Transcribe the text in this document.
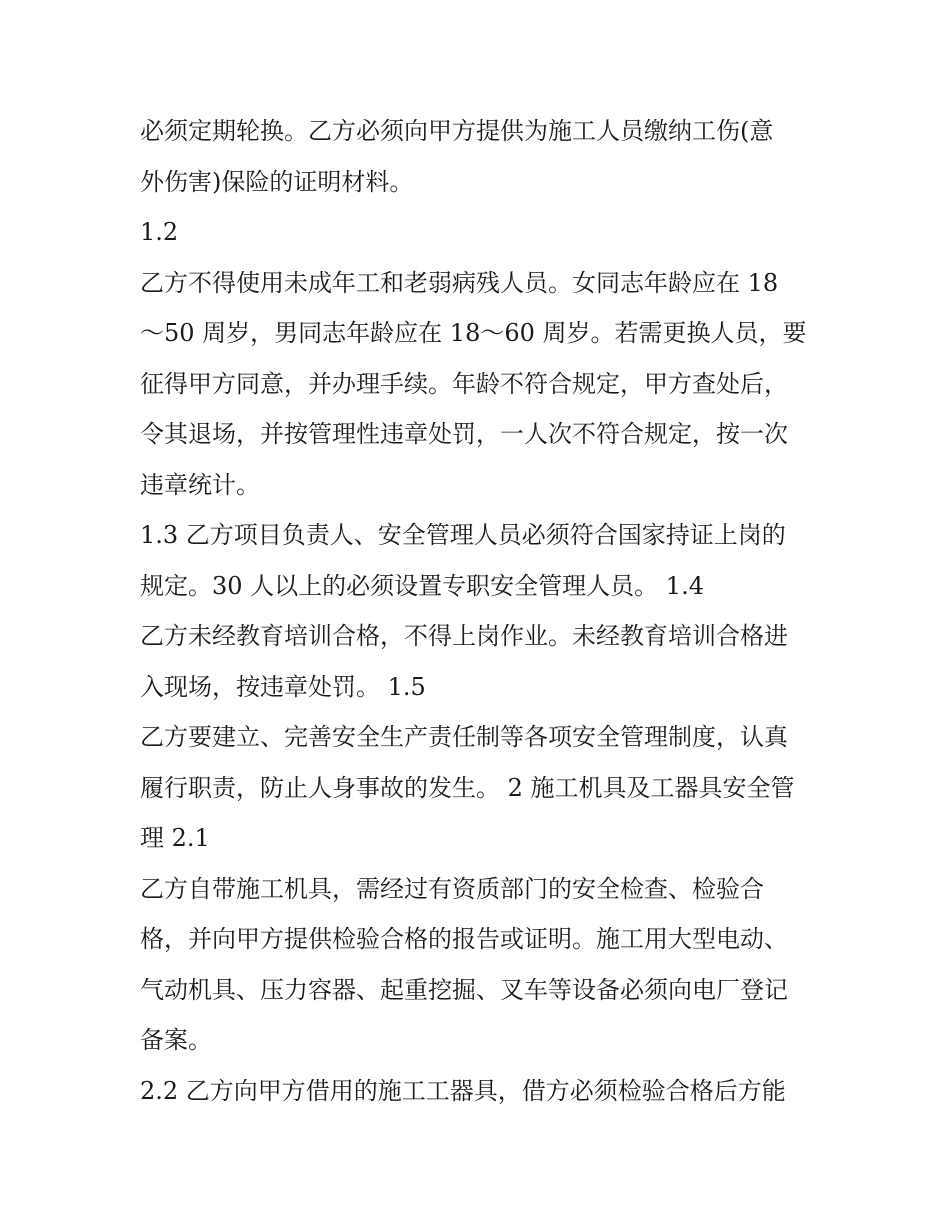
必须定期轮换。乙方必须向甲方提供为施工人员缴纳工伤(意
外伤害)保险的证明材料。
1.2
乙方不得使用未成年工和老弱病残人员。女同志年龄应在 18
～50 周岁，男同志年龄应在 18～60 周岁。若需更换人员，要
征得甲方同意，并办理手续。年龄不符合规定，甲方查处后，
令其退场，并按管理性违章处罚，一人次不符合规定，按一次
违章统计。
1.3 乙方项目负责人、安全管理人员必须符合国家持证上岗的
规定。30 人以上的必须设置专职安全管理人员。 1.4
乙方未经教育培训合格，不得上岗作业。未经教育培训合格进
入现场，按违章处罚。 1.5
乙方要建立、完善安全生产责任制等各项安全管理制度，认真
履行职责，防止人身事故的发生。 2 施工机具及工器具安全管
理 2.1
乙方自带施工机具，需经过有资质部门的安全检查、检验合
格，并向甲方提供检验合格的报告或证明。施工用大型电动、
气动机具、压力容器、起重挖掘、叉车等设备必须向电厂登记
备案。
2.2 乙方向甲方借用的施工工器具，借方必须检验合格后方能
